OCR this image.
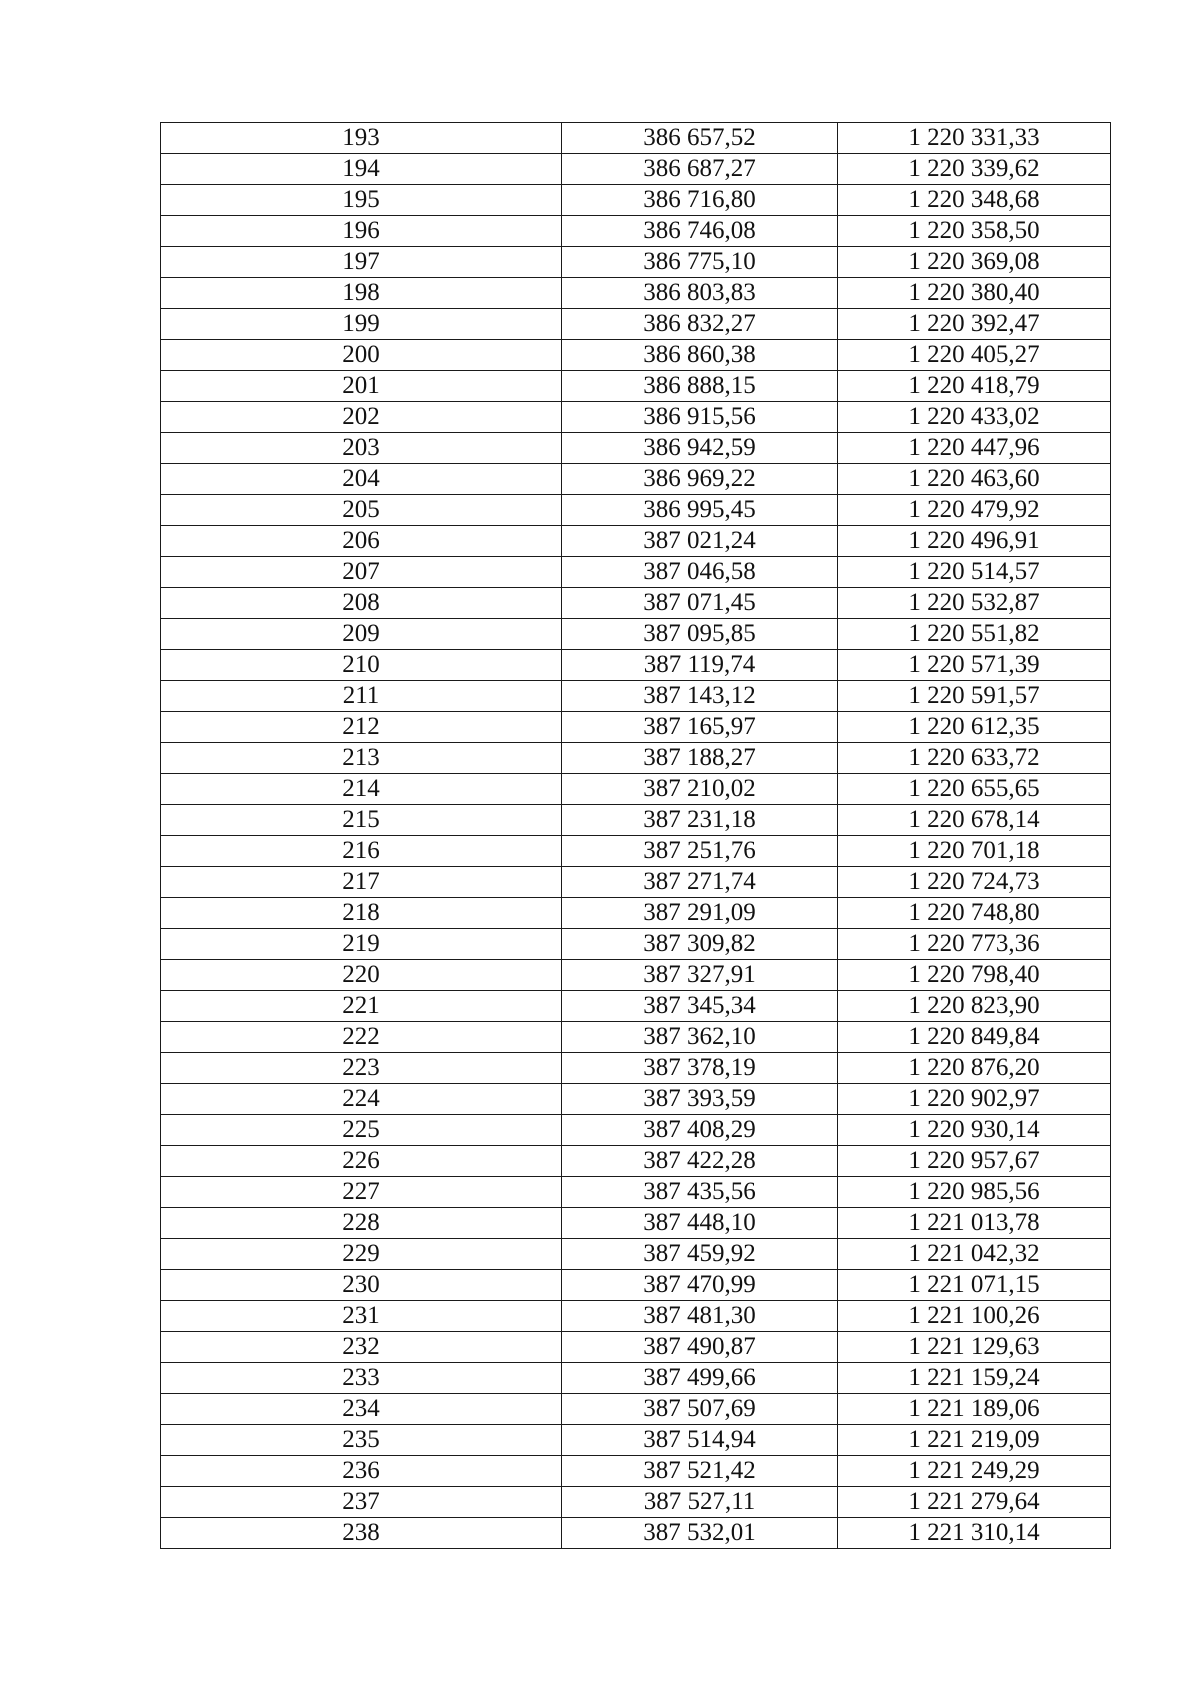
193	386 657,52	1 220 331,33
194	386 687,27	1 220 339,62
195	386 716,80	1 220 348,68
196	386 746,08	1 220 358,50
197	386 775,10	1 220 369,08
198	386 803,83	1 220 380,40
199	386 832,27	1 220 392,47
200	386 860,38	1 220 405,27
201	386 888,15	1 220 418,79
202	386 915,56	1 220 433,02
203	386 942,59	1 220 447,96
204	386 969,22	1 220 463,60
205	386 995,45	1 220 479,92
206	387 021,24	1 220 496,91
207	387 046,58	1 220 514,57
208	387 071,45	1 220 532,87
209	387 095,85	1 220 551,82
210	387 119,74	1 220 571,39
211	387 143,12	1 220 591,57
212	387 165,97	1 220 612,35
213	387 188,27	1 220 633,72
214	387 210,02	1 220 655,65
215	387 231,18	1 220 678,14
216	387 251,76	1 220 701,18
217	387 271,74	1 220 724,73
218	387 291,09	1 220 748,80
219	387 309,82	1 220 773,36
220	387 327,91	1 220 798,40
221	387 345,34	1 220 823,90
222	387 362,10	1 220 849,84
223	387 378,19	1 220 876,20
224	387 393,59	1 220 902,97
225	387 408,29	1 220 930,14
226	387 422,28	1 220 957,67
227	387 435,56	1 220 985,56
228	387 448,10	1 221 013,78
229	387 459,92	1 221 042,32
230	387 470,99	1 221 071,15
231	387 481,30	1 221 100,26
232	387 490,87	1 221 129,63
233	387 499,66	1 221 159,24
234	387 507,69	1 221 189,06
235	387 514,94	1 221 219,09
236	387 521,42	1 221 249,29
237	387 527,11	1 221 279,64
238	387 532,01	1 221 310,14
